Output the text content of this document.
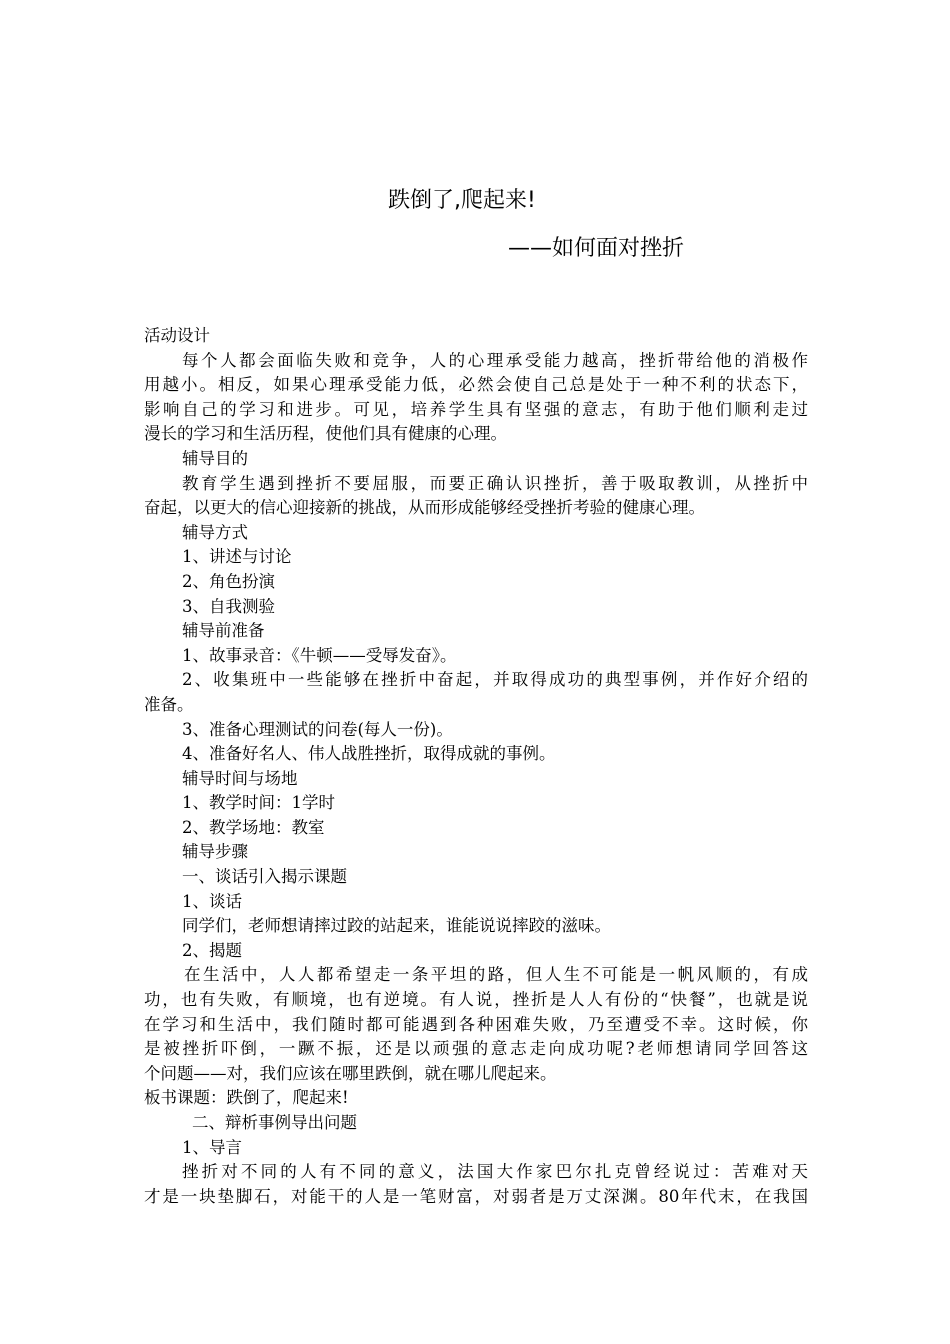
跌倒了,爬起来!
——如何面对挫折
活动设计
每个人都会面临失败和竞争，人的心理承受能力越高，挫折带给他的消极作
用越小。相反，如果心理承受能力低，必然会使自己总是处于一种不利的状态下，
影响自己的学习和进步。可见，培养学生具有坚强的意志，有助于他们顺利走过
漫长的学习和生活历程，使他们具有健康的心理。
辅导目的
教育学生遇到挫折不要屈服，而要正确认识挫折，善于吸取教训，从挫折中
奋起，以更大的信心迎接新的挑战，从而形成能够经受挫折考验的健康心理。
辅导方式
1、讲述与讨论
2、角色扮演
3、自我测验
辅导前准备
1、故事录音：《牛顿——受辱发奋》。
2、收集班中一些能够在挫折中奋起，并取得成功的典型事例，并作好介绍的
准备。
3、准备心理测试的问卷(每人一份)。
4、准备好名人、伟人战胜挫折，取得成就的事例。
辅导时间与场地
1、教学时间：1学时
2、教学场地：教室
辅导步骤
一、谈话引入揭示课题
1、谈话
同学们，老师想请摔过跤的站起来，谁能说说摔跤的滋味。
2、揭题
在生活中，人人都希望走一条平坦的路，但人生不可能是一帆风顺的，有成
功，也有失败，有顺境，也有逆境。有人说，挫折是人人有份的“快餐”，也就是说
在学习和生活中，我们随时都可能遇到各种困难失败，乃至遭受不幸。这时候，你
是被挫折吓倒，一蹶不振，还是以顽强的意志走向成功呢?老师想请同学回答这
个问题——对，我们应该在哪里跌倒，就在哪儿爬起来。
板书课题：跌倒了，爬起来!
二、辩析事例导出问题
1、导言
挫折对不同的人有不同的意义，法国大作家巴尔扎克曾经说过：苦难对天
才是一块垫脚石，对能干的人是一笔财富，对弱者是万丈深渊。80年代末，在我国
